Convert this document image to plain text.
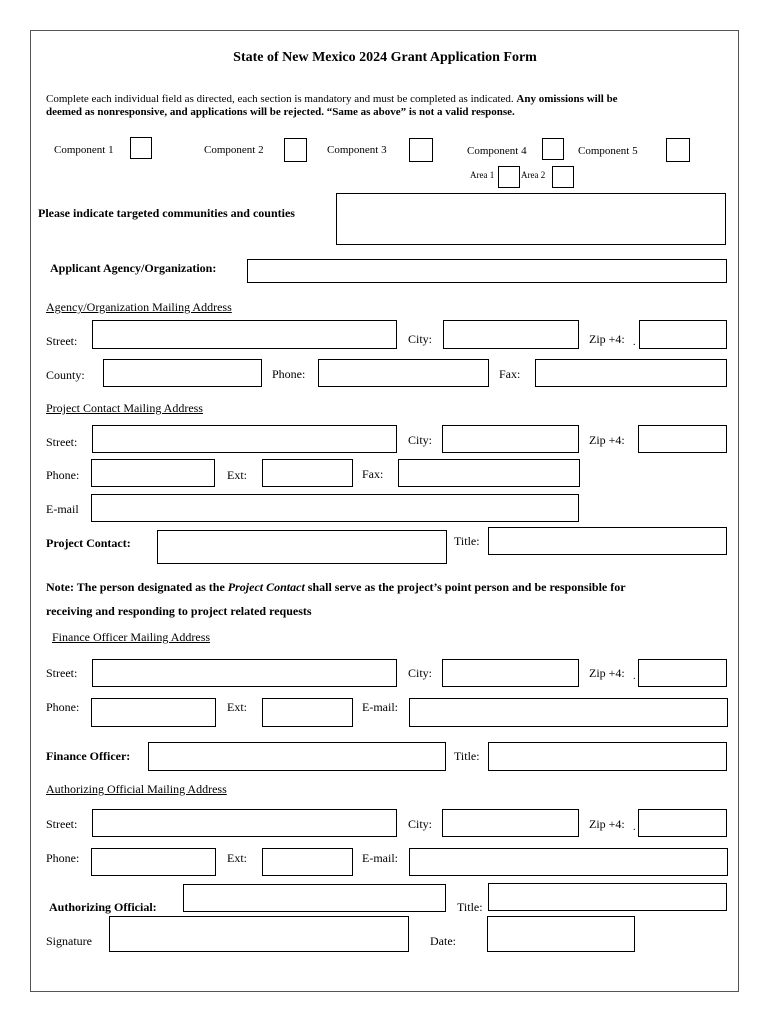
State of New Mexico 2024 Grant Application Form
Complete each individual field as directed, each section is mandatory and must be completed as indicated. Any omissions will be
deemed as nonresponsive, and applications will be rejected. “Same as above” is not a valid response.
Component 1	Component 2	Component 3	Component 4	Component 5
Area 1	Area 2
Please indicate targeted communities and counties
Applicant Agency/Organization:
Agency/Organization Mailing Address
Street:	City:	Zip +4: .
County:	Phone:	Fax:
Project Contact Mailing Address
Street:	City:	Zip +4:
Phone:	Ext:	Fax:
E-mail
Project Contact:	Title:
Note: The person designated as the Project Contact shall serve as the project’s point person and be responsible for
receiving and responding to project related requests
Finance Officer Mailing Address
Street:	City:	Zip +4: .
Phone:	Ext:	E-mail:
Finance Officer:	Title:
Authorizing Official Mailing Address
Street:	City:	Zip +4: .
Phone:	Ext:	E-mail:
Authorizing Official:	Title:
Signature	Date:
